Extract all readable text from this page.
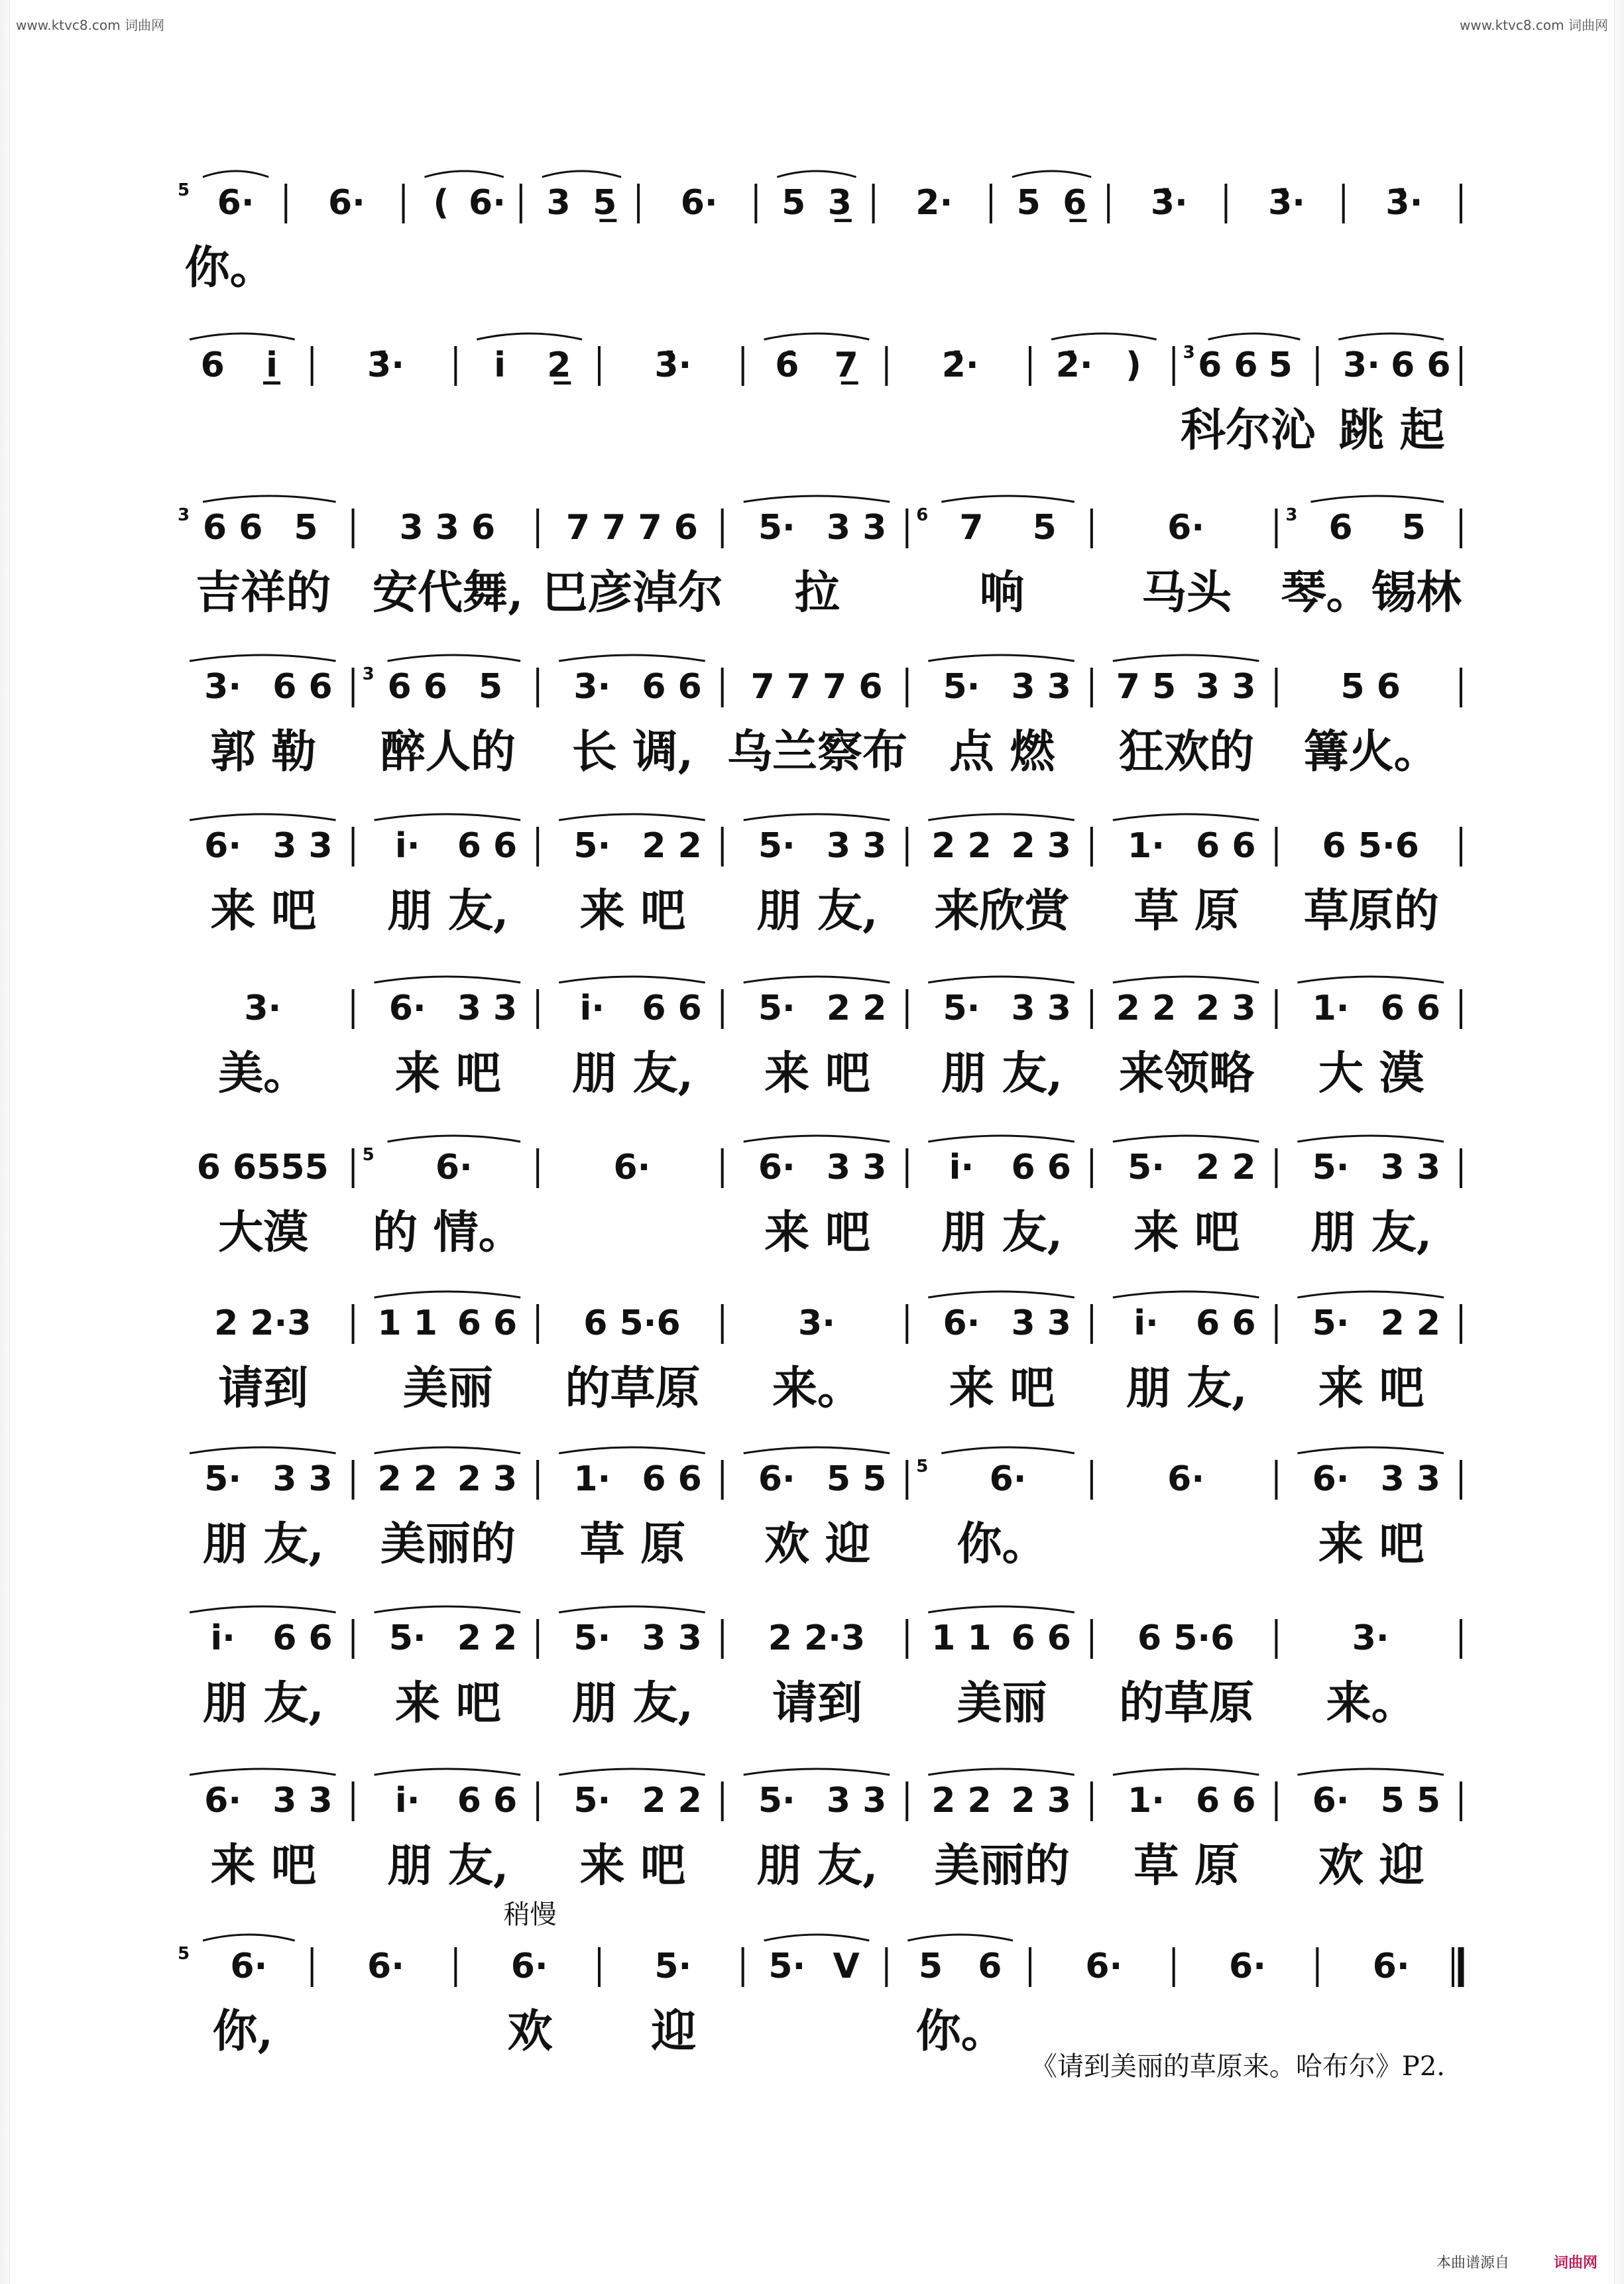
www.ktvc8.com 词曲网	www.ktvc8.com 词曲网
5 6· 6· ( 6· 3 5̲ 6· 5 3̲ 2· 5 6̲ 3̇· 3̇· 3̇·
你。
6 i̲	3̇·	i 2̲ 3̇· 6̇ 7̲ 2̇· 2̇· ) 3 6 6 5 3· 6 6
科尔沁 跳 起
3 6 6 5 3 3 6 7 7 7 6 5· 3 3 6 7 5	6·	3 6 5
吉祥的 安代舞, 巴彦淖尔	拉	响	马头	琴。锡林
3· 6 6 3 6 6 5 3· 6 6 7 7 7 6 5· 3 3 7 5 3 3 5 6
郭 勒	醉人的	长 调, 乌兰察布 点 燃	狂欢的	篝火。
6· 3 3 i· 6 6 5· 2 2 5· 3 3 2 2 2 3 1· 6 6 6 5·6
来 吧	朋 友,	来 吧	朋 友,	来欣赏	草 原	草原的
3·	6· 3 3 i· 6 6 5· 2 2 5· 3 3 2 2 2 3 1· 6 6
美。	来 吧	朋 友,	来 吧	朋 友,	来领略	大 漠
6 6555 5 6·	6·	6· 3 3 i· 6 6 5· 2 2 5· 3 3
大漠	的 情。	来 吧	朋 友,	来 吧	朋 友,
2 2·3 1 1 6 6 6 5·6	3·	6· 3 3 i· 6 6 5· 2 2
请到	美丽	的草原	来。	来 吧	朋 友,	来 吧
5· 3 3 2 2 2 3 1· 6 6 6· 5 5 5 6·	6·	6· 3 3
朋 友,	美丽的	草 原	欢 迎	你。	来 吧
i· 6 6 5· 2 2 5· 3 3 2 2·3 1 1 6 6 6 5·6	3·
朋 友,	来 吧	朋 友,	请到	美丽	的草原	来。
6· 3 3 i· 6 6 5· 2 2 5· 3 3 2 2 2 3 1· 6 6 6· 5 5
来 吧	朋 友,	来 吧	朋 友,	美丽的	草 原	欢 迎
5 6·	6·
稍慢
6·	5· 5· V 5 6 6·	6·	6·
你,	欢	迎	你。
《请到美丽的草原来。哈布尔》P2.
本曲谱源自	词曲网
